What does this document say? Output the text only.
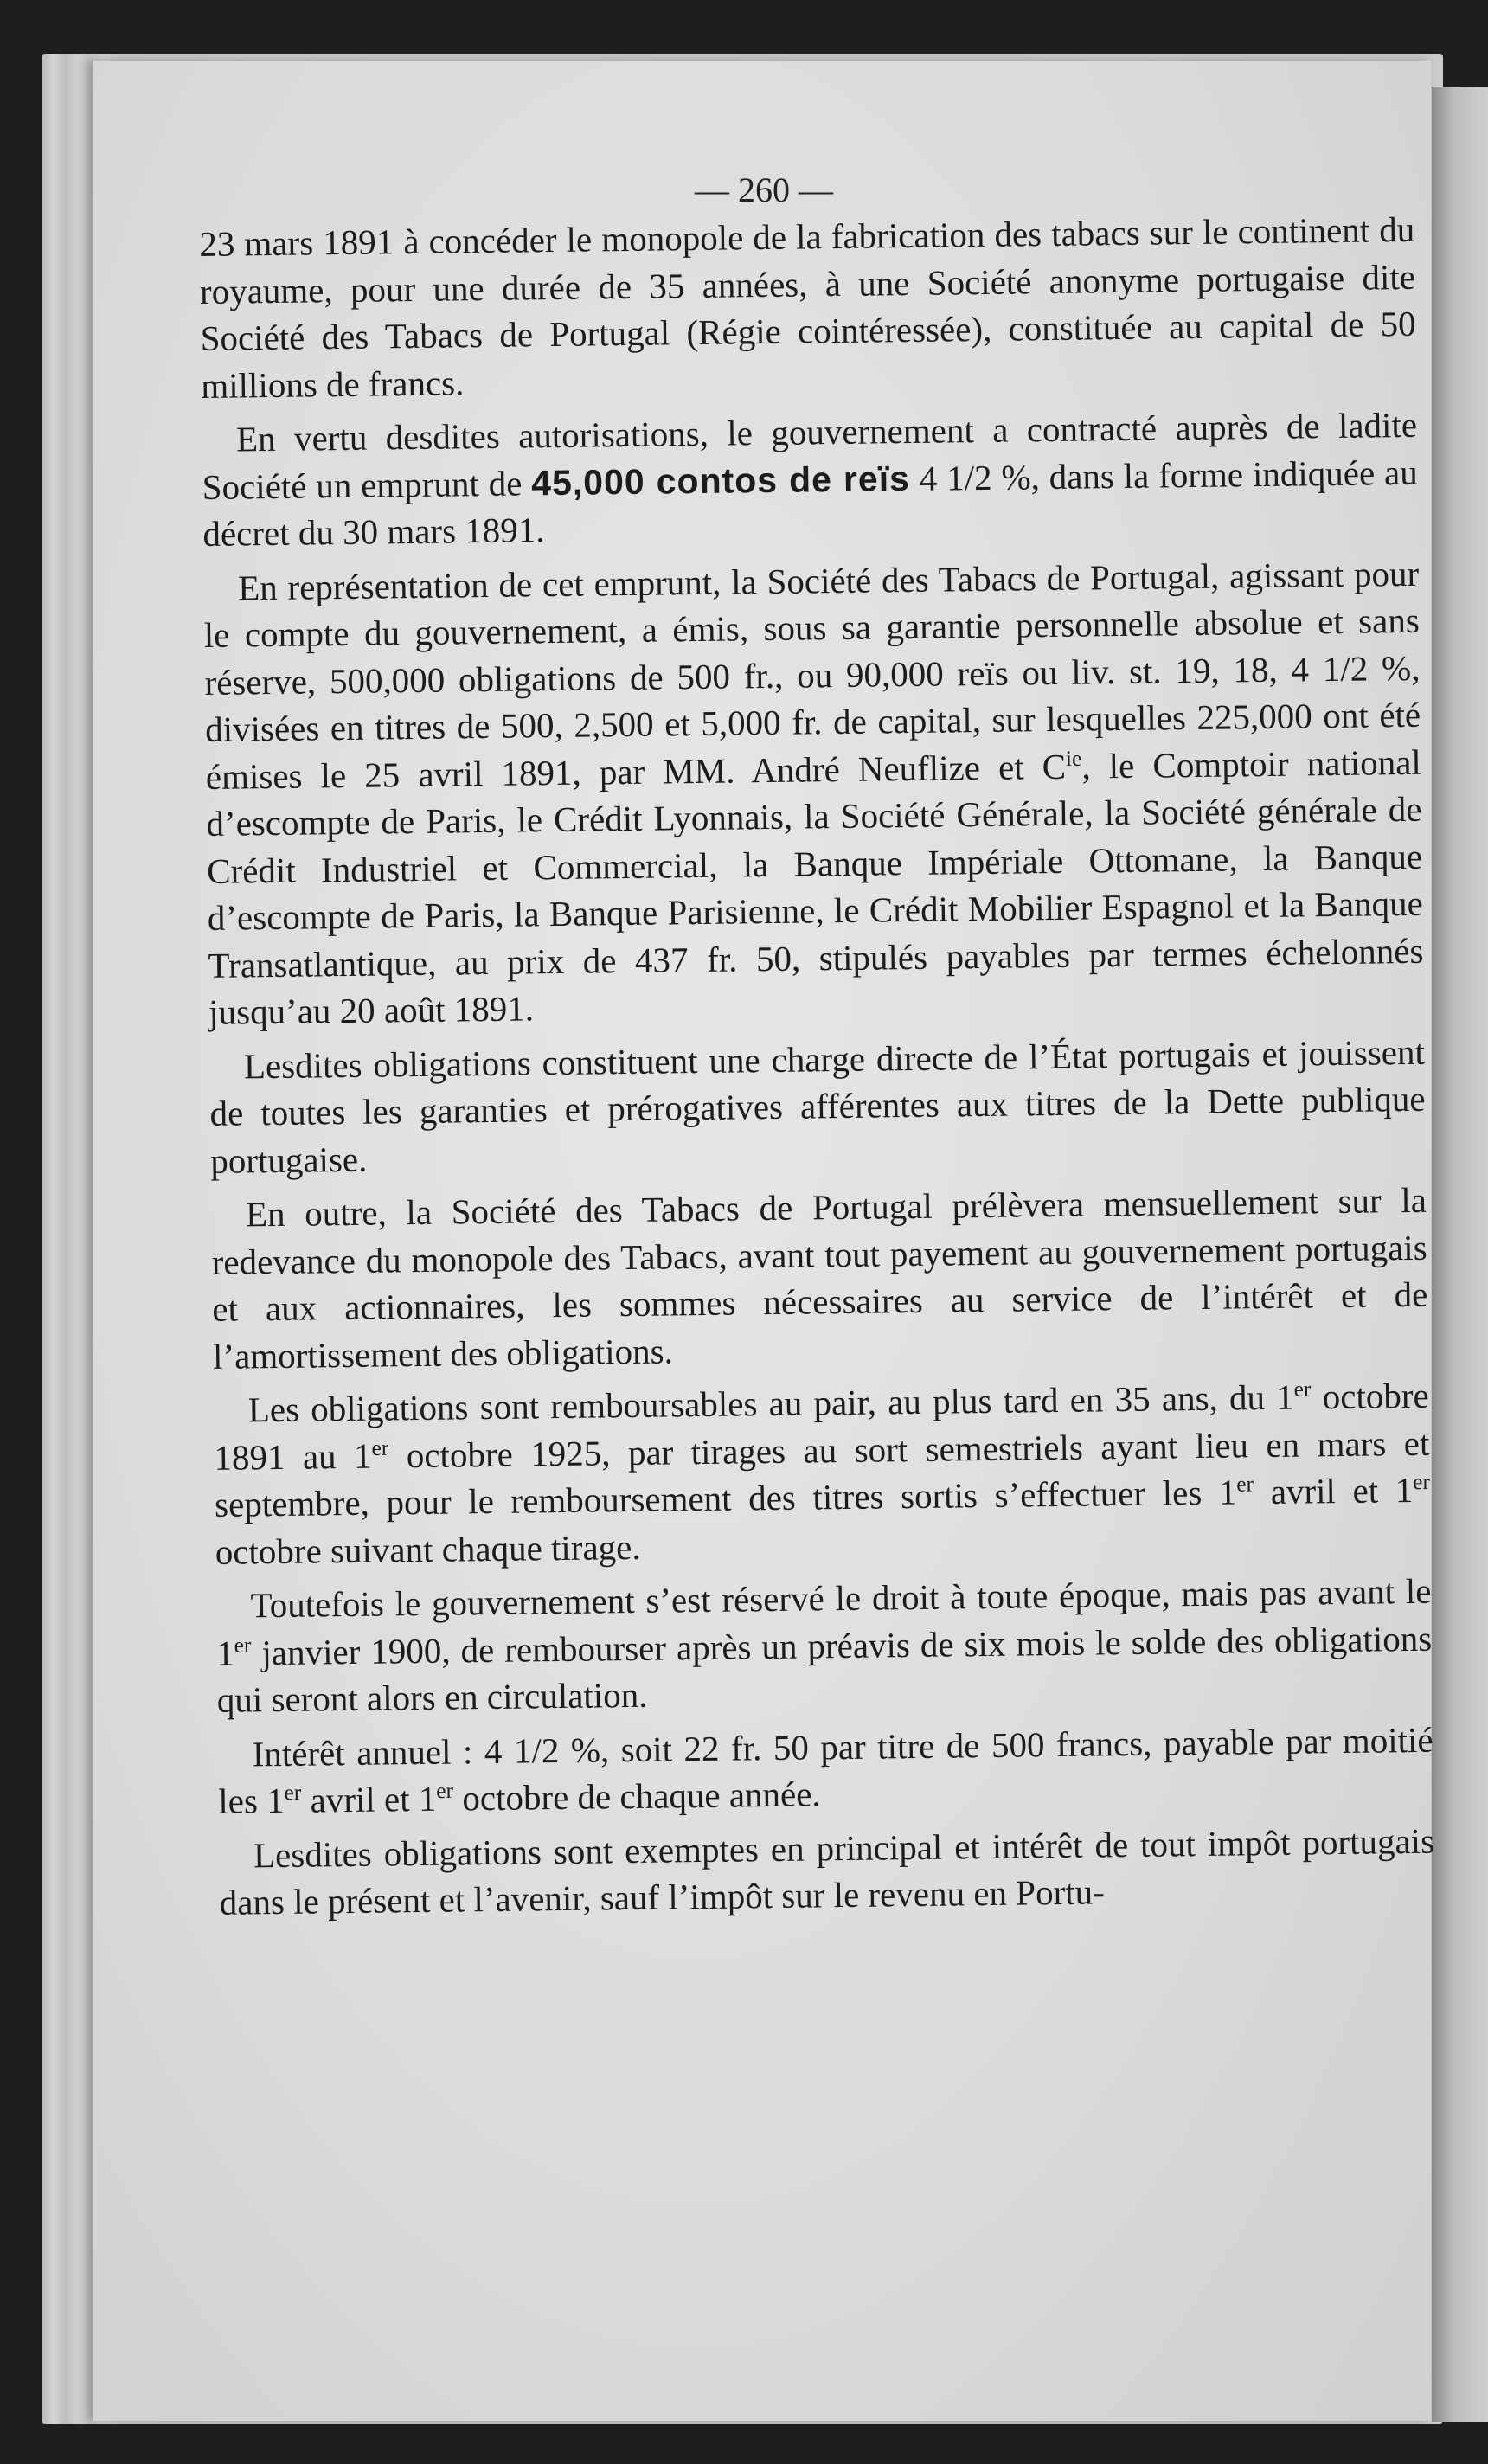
— 260 —

23 mars 1891 à concéder le monopole de la fabrication des tabacs sur le continent du royaume, pour une durée de 35 années, à une Société anonyme portugaise dite Société des Tabacs de Portugal (Régie cointéressée), constituée au capital de 50 millions de francs.

En vertu desdites autorisations, le gouvernement a contracté auprès de ladite Société un emprunt de 45,000 contos de reïs 4 1/2 %, dans la forme indiquée au décret du 30 mars 1891.

En représentation de cet emprunt, la Société des Tabacs de Portugal, agissant pour le compte du gouvernement, a émis, sous sa garantie personnelle absolue et sans réserve, 500,000 obligations de 500 fr., ou 90,000 reïs ou liv. st. 19, 18, 4 1/2 %, divisées en titres de 500, 2,500 et 5,000 fr. de capital, sur lesquelles 225,000 ont été émises le 25 avril 1891, par MM. André Neuflize et $C^{ie}$, le Comptoir national d’escompte de Paris, le Crédit Lyonnais, la Société Générale, la Société générale de Crédit Industriel et Commercial, la Banque Impériale Ottomane, la Banque d’escompte de Paris, la Banque Parisienne, le Crédit Mobilier Espagnol et la Banque Transatlantique, au prix de 437 fr. 50, stipulés payables par termes échelonnés jusqu’au 20 août 1891.

Lesdites obligations constituent une charge directe de l’État portugais et jouissent de toutes les garanties et prérogatives afférentes aux titres de la Dette publique portugaise.

En outre, la Société des Tabacs de Portugal prélèvera mensuellement sur la redevance du monopole des Tabacs, avant tout payement au gouvernement portugais et aux actionnaires, les sommes nécessaires au service de l’intérêt et de l’amortissement des obligations.

Les obligations sont remboursables au pair, au plus tard en 35 ans, du 1er octobre 1891 au 1er octobre 1925, par tirages au sort semestriels ayant lieu en mars et septembre, pour le remboursement des titres sortis s’effectuer les 1er avril et 1er octobre suivant chaque tirage.

Toutefois le gouvernement s’est réservé le droit à toute époque, mais pas avant le 1er janvier 1900, de rembourser après un préavis de six mois le solde des obligations qui seront alors en circulation.

Intérêt annuel : 4 1/2 %, soit 22 fr. 50 par titre de 500 francs, payable par moitié les 1er avril et 1er octobre de chaque année.

Lesdites obligations sont exemptes en principal et intérêt de tout impôt portugais dans le présent et l’avenir, sauf l’impôt sur le revenu en Portu-
